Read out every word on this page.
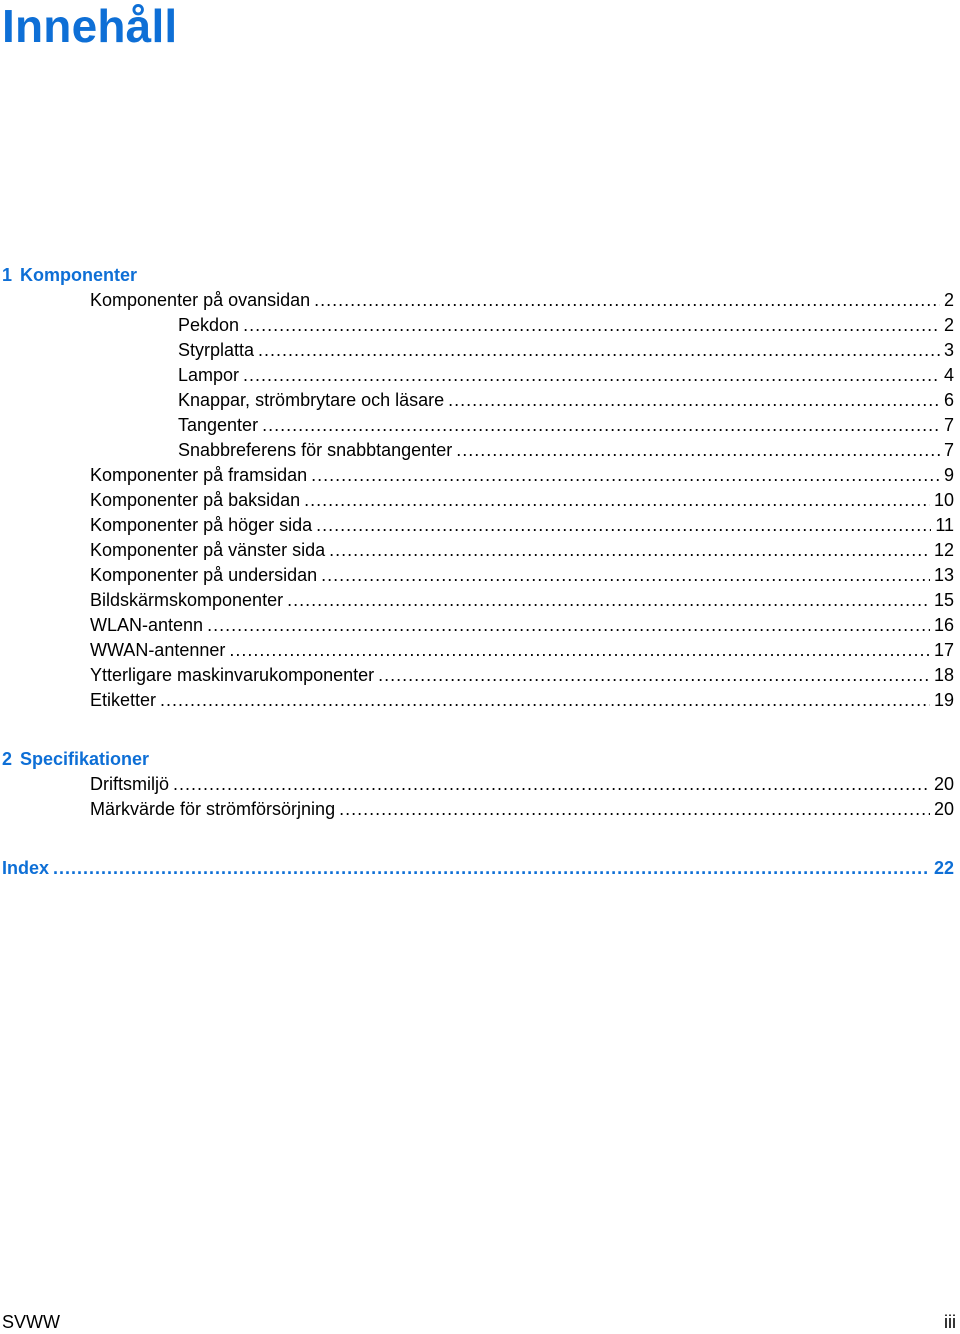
Innehåll
1 Komponenter
Komponenter på ovansidan .....	2
Pekdon .....	2
Styrplatta .....	3
Lampor .....	4
Knappar, strömbrytare och läsare .....	6
Tangenter .....	7
Snabbreferens för snabbtangenter .....	7
Komponenter på framsidan .....	9
Komponenter på baksidan .....	10
Komponenter på höger sida .....	11
Komponenter på vänster sida .....	12
Komponenter på undersidan .....	13
Bildskärmskomponenter .....	15
WLAN-antenn .....	16
WWAN-antenner .....	17
Ytterligare maskinvarukomponenter .....	18
Etiketter .....	19
2 Specifikationer
Driftsmiljö .....	20
Märkvärde för strömförsörjning .....	20
Index .....	22
SVWW	iii
